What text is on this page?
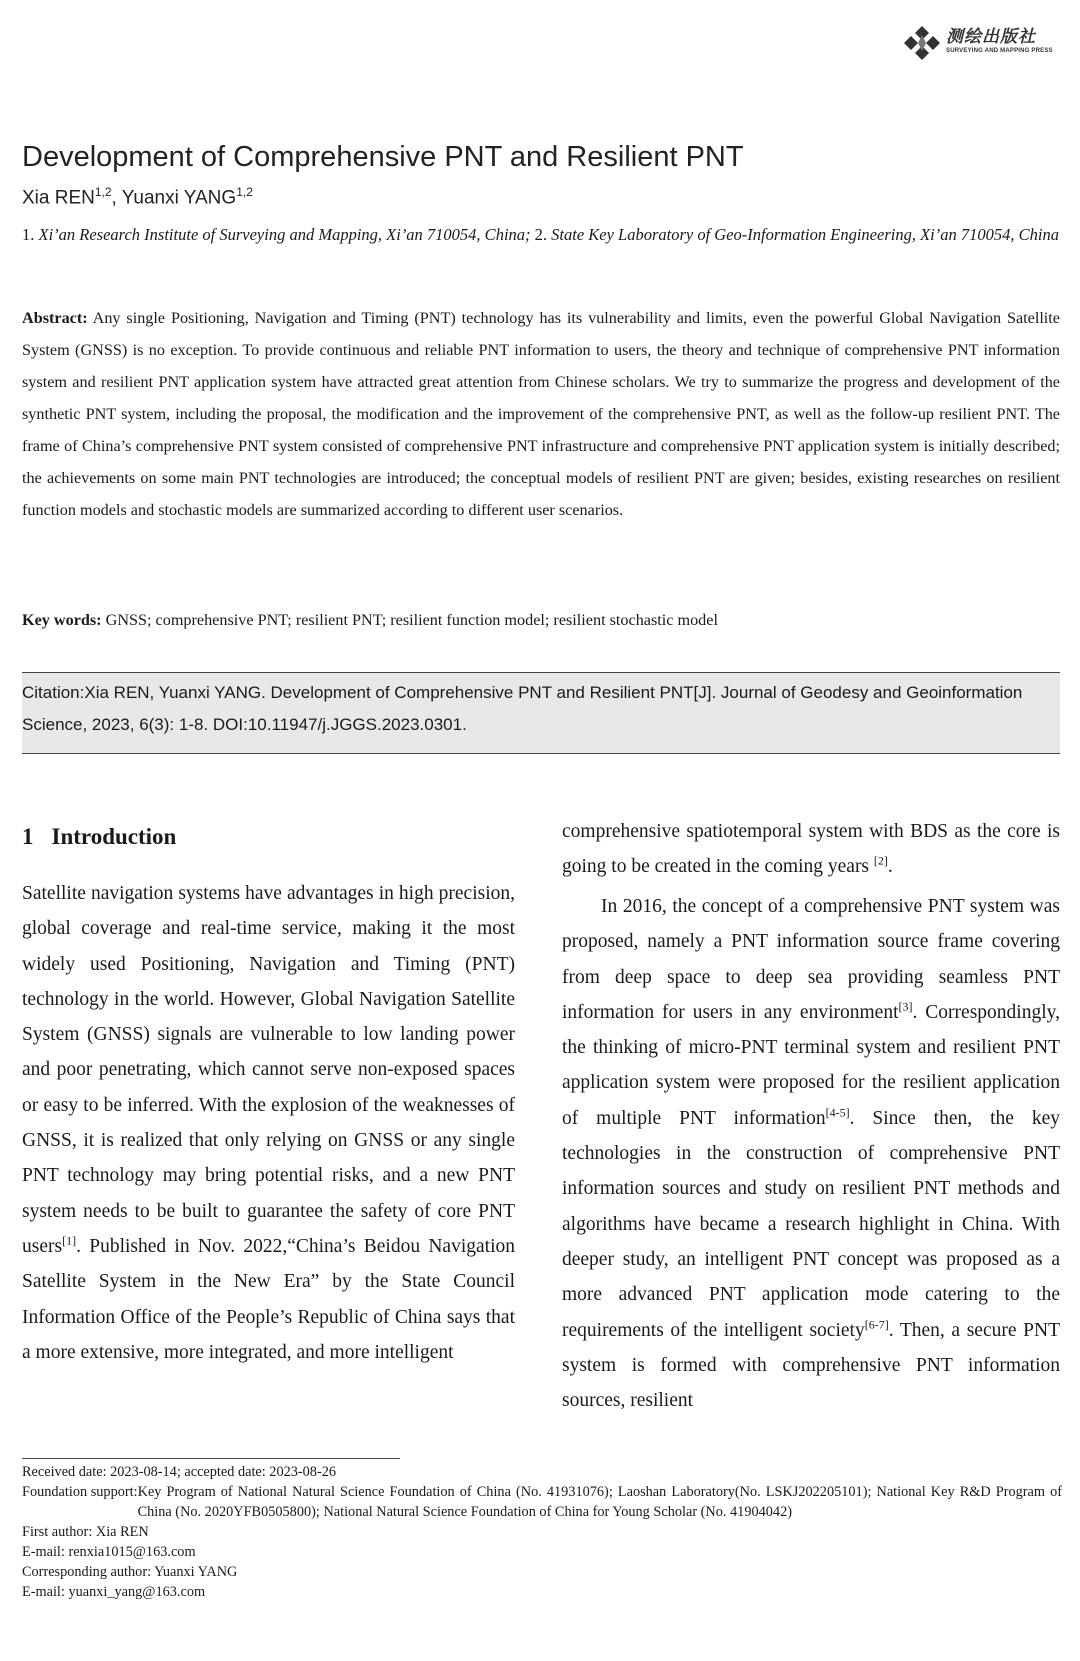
测绘出版社
SURVEYING AND MAPPING PRESS
Development of Comprehensive PNT and Resilient PNT
Xia REN$^{1,2}$, Yuanxi YANG$^{1,2}$
1. Xi’an Research Institute of Surveying and Mapping, Xi’an 710054, China; 2. State Key Laboratory of Geo-Information Engineering, Xi’an 710054, China

Abstract: Any single Positioning, Navigation and Timing (PNT) technology has its vulnerability and limits, even the powerful Global Navigation Satellite System (GNSS) is no exception. To provide continuous and reliable PNT information to users, the theory and technique of comprehensive PNT information system and resilient PNT application system have attracted great attention from Chinese scholars. We try to summarize the progress and development of the synthetic PNT system, including the proposal, the modification and the improvement of the comprehensive PNT, as well as the follow-up resilient PNT. The frame of China’s comprehensive PNT system consisted of comprehensive PNT infrastructure and comprehensive PNT application system is initially described; the achievements on some main PNT technologies are introduced; the conceptual models of resilient PNT are given; besides, existing researches on resilient function models and stochastic models are summarized according to different user scenarios.

Key words: GNSS; comprehensive PNT; resilient PNT; resilient function model; resilient stochastic model
Citation:Xia REN, Yuanxi YANG. Development of Comprehensive PNT and Resilient PNT[J]. Journal of Geodesy and Geoinformation Science, 2023, 6(3): 1-8. DOI:10.11947/j.JGGS.2023.0301.
1 Introduction

Satellite navigation systems have advantages in high precision, global coverage and real-time service, making it the most widely used Positioning, Navigation and Timing (PNT) technology in the world. However, Global Navigation Satellite System (GNSS) signals are vulnerable to low landing power and poor penetrating, which cannot serve non-exposed spaces or easy to be inferred. With the explosion of the weaknesses of GNSS, it is realized that only relying on GNSS or any single PNT technology may bring potential risks, and a new PNT system needs to be built to guarantee the safety of core PNT users[1]. Published in Nov. 2022,“China’s Beidou Navigation Satellite System in the New Era” by the State Council Information Office of the People’s Republic of China says that a more extensive, more integrated, and more intelligent

comprehensive spatiotemporal system with BDS as the core is going to be created in the coming years [2].

In 2016, the concept of a comprehensive PNT system was proposed, namely a PNT information source frame covering from deep space to deep sea providing seamless PNT information for users in any environment[3]. Correspondingly, the thinking of micro-PNT terminal system and resilient PNT application system were proposed for the resilient application of multiple PNT information[4-5]. Since then, the key technologies in the construction of comprehensive PNT information sources and study on resilient PNT methods and algorithms have became a research highlight in China. With deeper study, an intelligent PNT concept was proposed as a more advanced PNT application mode catering to the requirements of the intelligent society[6-7]. Then, a secure PNT system is formed with comprehensive PNT information sources, resilient

Received date: 2023-08-14; accepted date: 2023-08-26
Foundation support: Key Program of National Natural Science Foundation of China (No. 41931076); Laoshan Laboratory(No. LSKJ202205101); National Key R&D Program of China (No. 2020YFB0505800); National Natural Science Foundation of China for Young Scholar (No. 41904042)
First author: Xia REN
E-mail: renxia1015@163.com
Corresponding author: Yuanxi YANG
E-mail: yuanxi_yang@163.com
